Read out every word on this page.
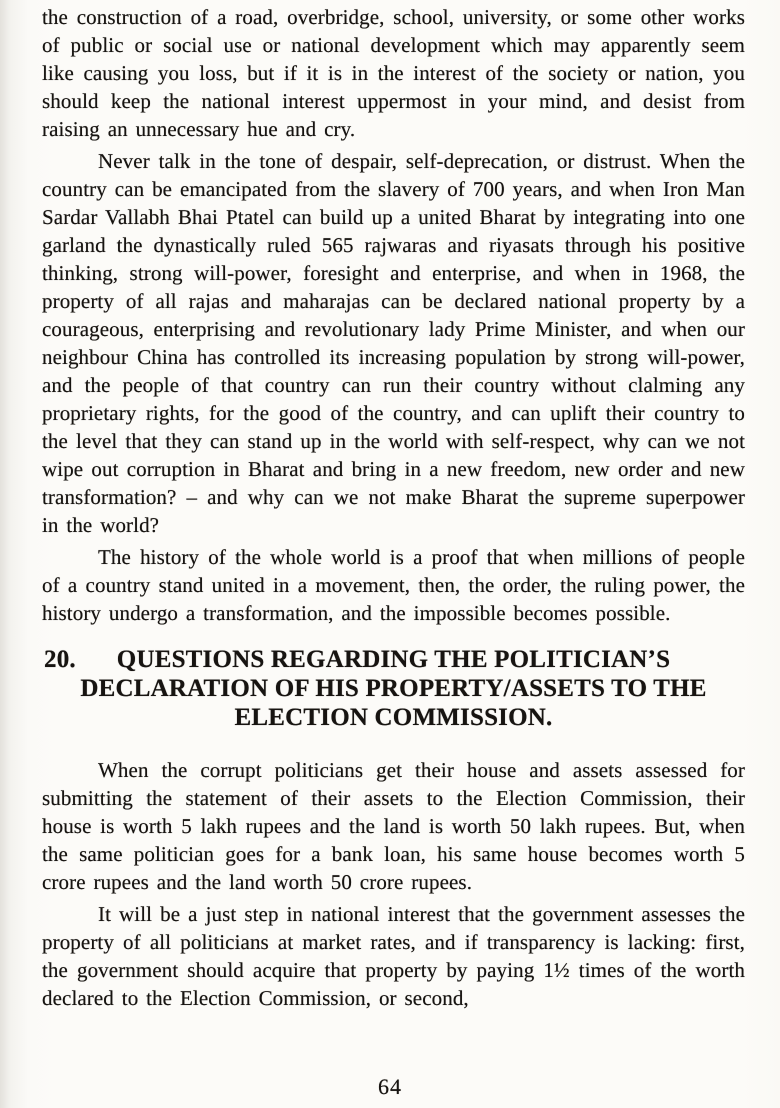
the construction of a road, overbridge, school, university, or some other works of public or social use or national development which may apparently seem like causing you loss, but if it is in the interest of the society or nation, you should keep the national interest uppermost in your mind, and desist from raising an unnecessary hue and cry.

Never talk in the tone of despair, self-deprecation, or distrust. When the country can be emancipated from the slavery of 700 years, and when Iron Man Sardar Vallabh Bhai Ptatel can build up a united Bharat by integrating into one garland the dynastically ruled 565 rajwaras and riyasats through his positive thinking, strong will-power, foresight and enterprise, and when in 1968, the property of all rajas and maharajas can be declared national property by a courageous, enterprising and revolutionary lady Prime Minister, and when our neighbour China has controlled its increasing population by strong will-power, and the people of that country can run their country without clalming any proprietary rights, for the good of the country, and can uplift their country to the level that they can stand up in the world with self-respect, why can we not wipe out corruption in Bharat and bring in a new freedom, new order and new transformation? – and why can we not make Bharat the supreme superpower in the world?

The history of the whole world is a proof that when millions of people of a country stand united in a movement, then, the order, the ruling power, the history undergo a transformation, and the impossible becomes possible.

20.	QUESTIONS REGARDING THE POLITICIAN’S
DECLARATION OF HIS PROPERTY/ASSETS TO THE
ELECTION COMMISSION.

When the corrupt politicians get their house and assets assessed for submitting the statement of their assets to the Election Commission, their house is worth 5 lakh rupees and the land is worth 50 lakh rupees. But, when the same politician goes for a bank loan, his same house becomes worth 5 crore rupees and the land worth 50 crore rupees.

It will be a just step in national interest that the government assesses the property of all politicians at market rates, and if transparency is lacking: first, the government should acquire that property by paying 1½ times of the worth declared to the Election Commission, or second,

64
